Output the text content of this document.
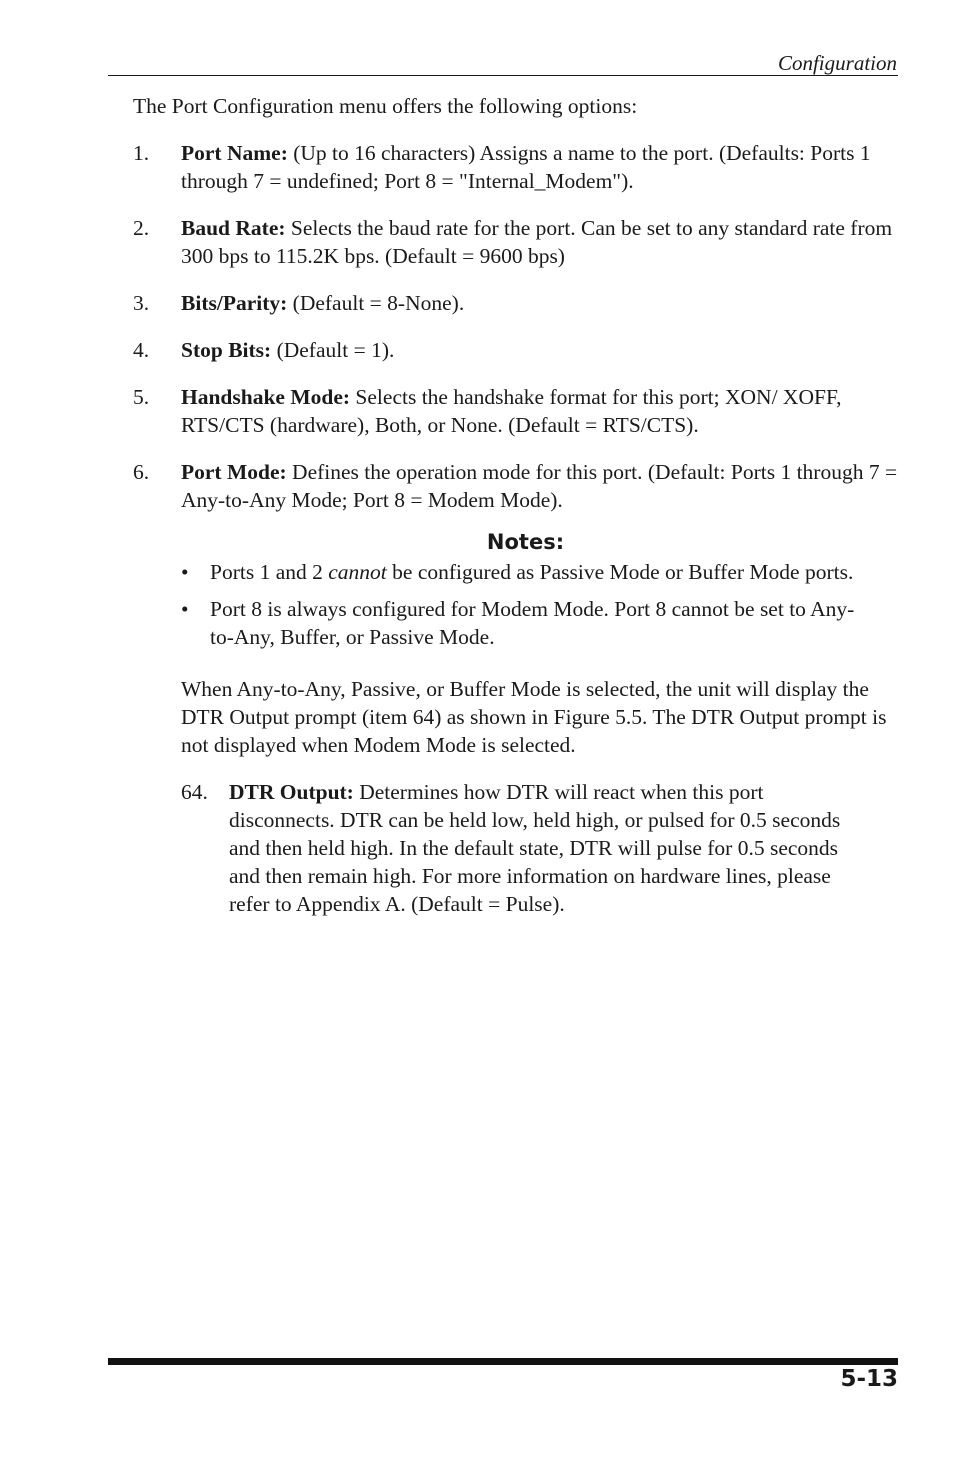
Configuration

The Port Configuration menu offers the following options:

1.	Port Name: (Up to 16 characters) Assigns a name to the port. (Defaults: Ports 1 through 7 = undefined; Port 8 = "Internal_Modem").
2.	Baud Rate: Selects the baud rate for the port. Can be set to any standard rate from 300 bps to 115.2K bps. (Default = 9600 bps)
3.	Bits/Parity: (Default = 8-None).
4.	Stop Bits: (Default = 1).
5.	Handshake Mode: Selects the handshake format for this port; XON/ XOFF, RTS/CTS (hardware), Both, or None. (Default = RTS/CTS).
6.	Port Mode: Defines the operation mode for this port. (Default: Ports 1 through 7 = Any-to-Any Mode; Port 8 = Modem Mode).
Notes:
• Ports 1 and 2 cannot be configured as Passive Mode or Buffer Mode ports.
• Port 8 is always configured for Modem Mode. Port 8 cannot be set to Any-to-Any, Buffer, or Passive Mode.

When Any-to-Any, Passive, or Buffer Mode is selected, the unit will display the DTR Output prompt (item 64) as shown in Figure 5.5. The DTR Output prompt is not displayed when Modem Mode is selected.

64. DTR Output: Determines how DTR will react when this port disconnects. DTR can be held low, held high, or pulsed for 0.5 seconds and then held high. In the default state, DTR will pulse for 0.5 seconds and then remain high. For more information on hardware lines, please refer to Appendix A. (Default = Pulse).
5-13
